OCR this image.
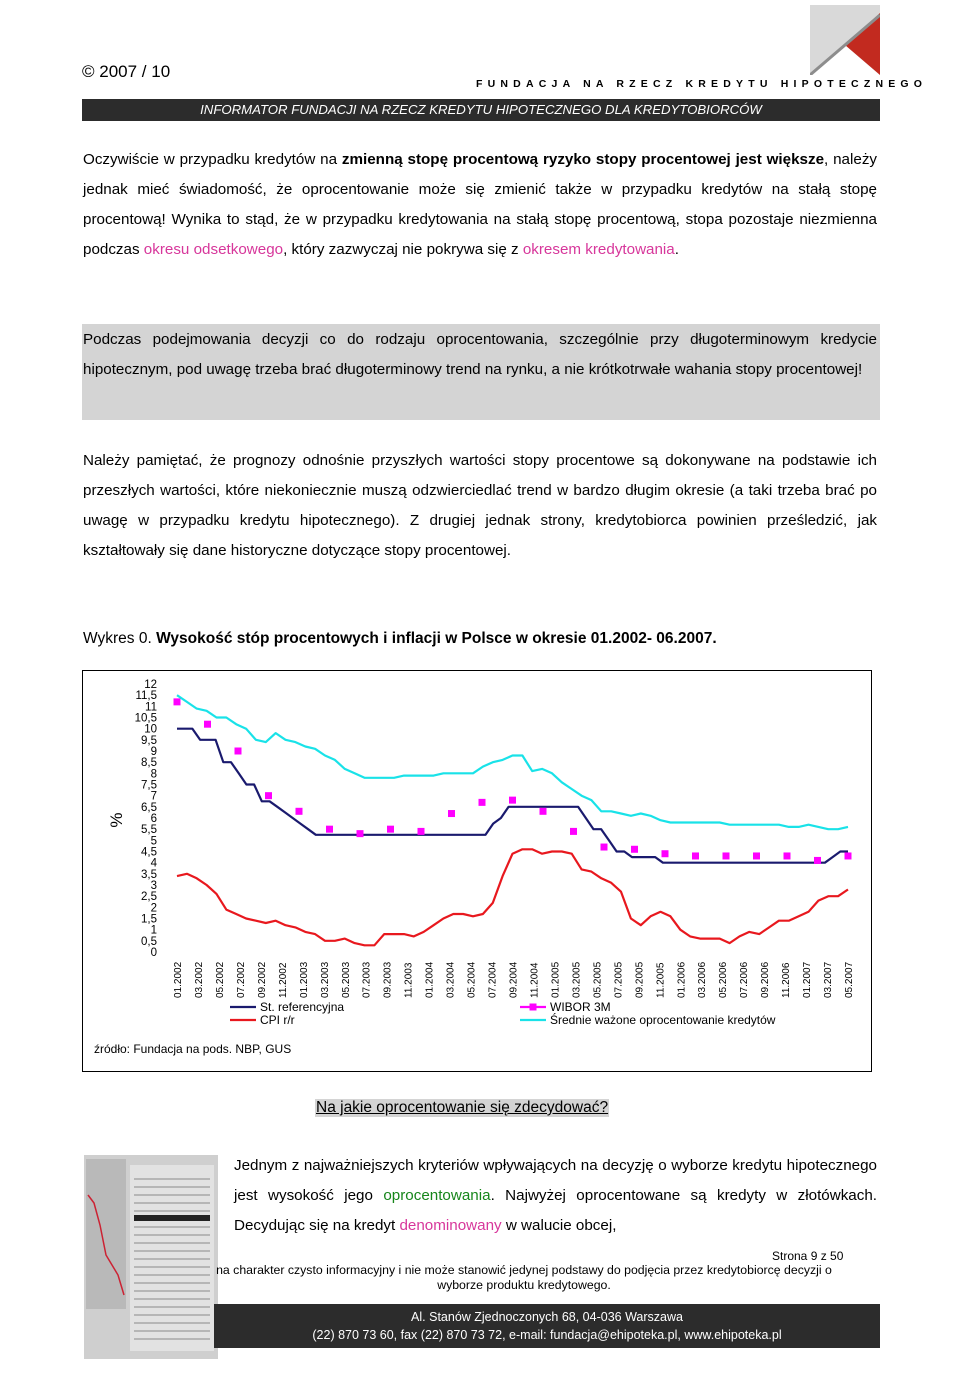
© 2007 / 10
FUNDACJA NA RZECZ KREDYTU HIPOTECZNEGO
INFORMATOR FUNDACJI NA RZECZ KREDYTU HIPOTECZNEGO DLA KREDYTOBIORCÓW
Oczywiście w przypadku kredytów na zmienną stopę procentową ryzyko stopy procentowej jest większe, należy jednak mieć świadomość, że oprocentowanie może się zmienić także w przypadku kredytów na stałą stopę procentową! Wynika to stąd, że w przypadku kredytowania na stałą stopę procentową, stopa pozostaje niezmienna podczas okresu odsetkowego, który zazwyczaj nie pokrywa się z okresem kredytowania.
Podczas podejmowania decyzji co do rodzaju oprocentowania, szczególnie przy długoterminowym kredycie hipotecznym, pod uwagę trzeba brać długoterminowy trend na rynku, a nie krótkotrwałe wahania stopy procentowej!
Należy pamiętać, że prognozy odnośnie przyszłych wartości stopy procentowe są dokonywane na podstawie ich przeszłych wartości, które niekoniecznie muszą odzwierciedlać trend w bardzo długim okresie (a taki trzeba brać po uwagę w przypadku kredytu hipotecznego). Z drugiej jednak strony, kredytobiorca powinien prześledzić, jak kształtowały się dane historyczne dotyczące stopy procentowej.
Wykres 0. Wysokość stóp procentowych i inflacji w Polsce w okresie 01.2002- 06.2007.
0
0,5
1
1,5
2
2,5
3
3,5
4
4,5
5
5,5
6
6,5
7
7,5
8
8,5
9
9,5
10
10,5
11
11,5
12
%
01.2002 03.2002 05.2002 07.2002 09.2002 11.2002 01.2003 03.2003 05.2003 07.2003 09.2003 11.2003 01.2004 03.2004 05.2004 07.2004 09.2004 11.2004 01.2005 03.2005 05.2005 07.2005 09.2005 11.2005 01.2006 03.2006 05.2006 07.2006 09.2006 11.2006 01.2007 03.2007 05.2007
St. referencyjna
CPI r/r
WIBOR 3M
Średnie ważone oprocentowanie kredytów
źródło: Fundacja na pods. NBP, GUS
Na jakie oprocentowanie się zdecydować?
Jednym z najważniejszych kryteriów wpływających na decyzję o wyborze kredytu hipotecznego jest wysokość jego oprocentowania. Najwyżej oprocentowane są kredyty w złotówkach. Decydując się na kredyt denominowany w walucie obcej,
Strona 9 z 50
na charakter czysto informacyjny i nie może stanowić jedynej podstawy do podjęcia przez kredytobiorcę decyzji o wyborze produktu kredytowego.
Al. Stanów Zjednoczonych 68, 04-036 Warszawa
(22) 870 73 60, fax (22) 870 73 72, e-mail: fundacja@ehipoteka.pl, www.ehipoteka.pl
